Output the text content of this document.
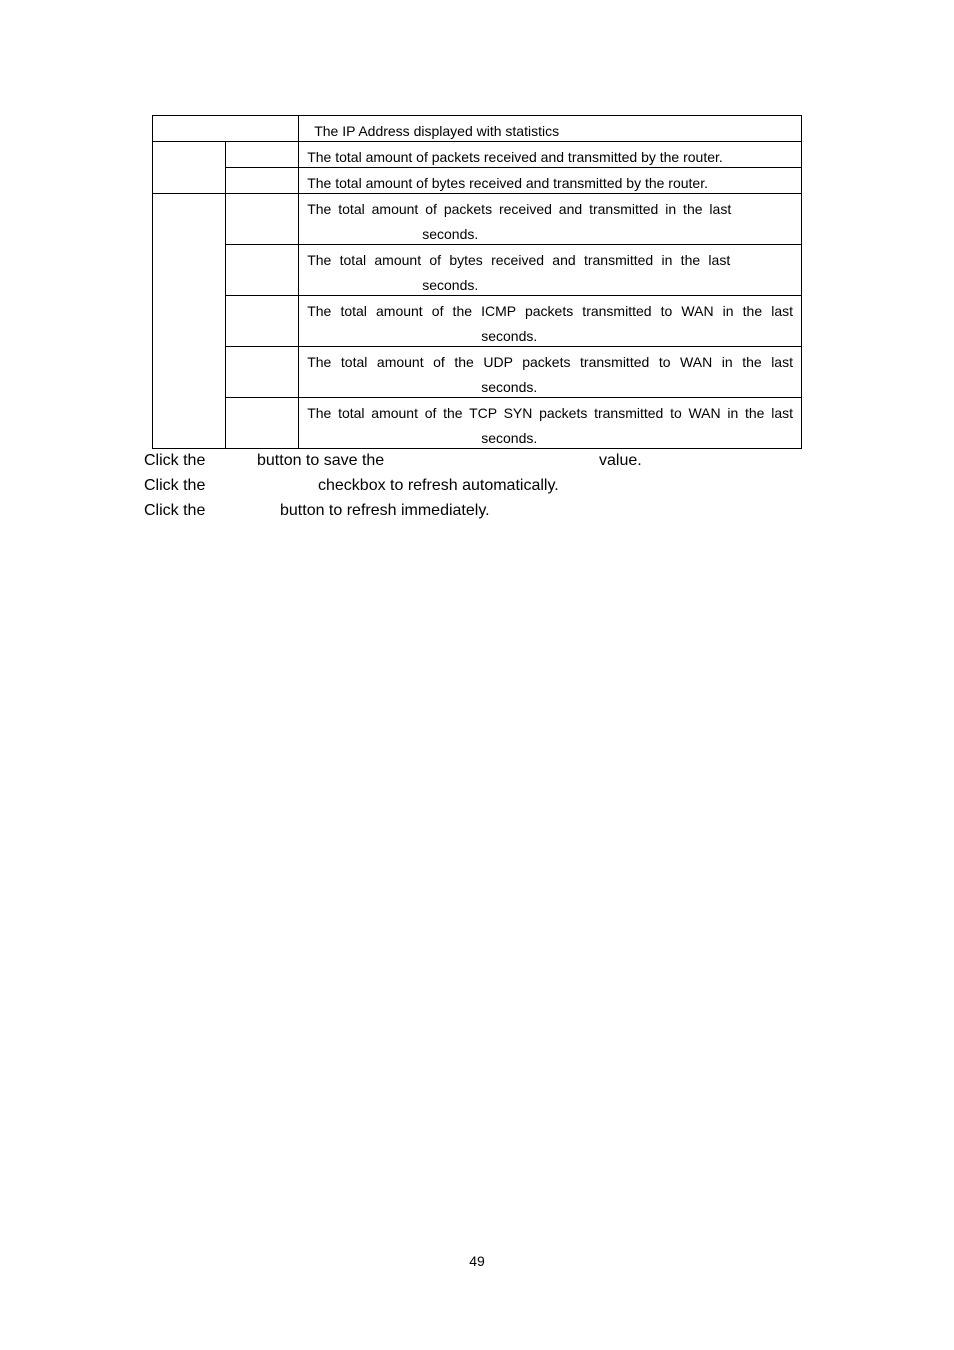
		The IP Address displayed with statistics

		The total amount of packets received and transmitted by the router.

		The total amount of bytes received and transmitted by the router.

		The total amount of packets received and transmitted in the last
seconds.

		The total amount of bytes received and transmitted in the last
seconds.

		The total amount of the ICMP packets transmitted to WAN in the last
seconds.

		The total amount of the UDP packets transmitted to WAN in the last
seconds.

		The total amount of the TCP SYN packets transmitted to WAN in the last
seconds.
Click the	button to save the	value.
Click the	checkbox to refresh automatically.
Click the	button to refresh immediately.
49
